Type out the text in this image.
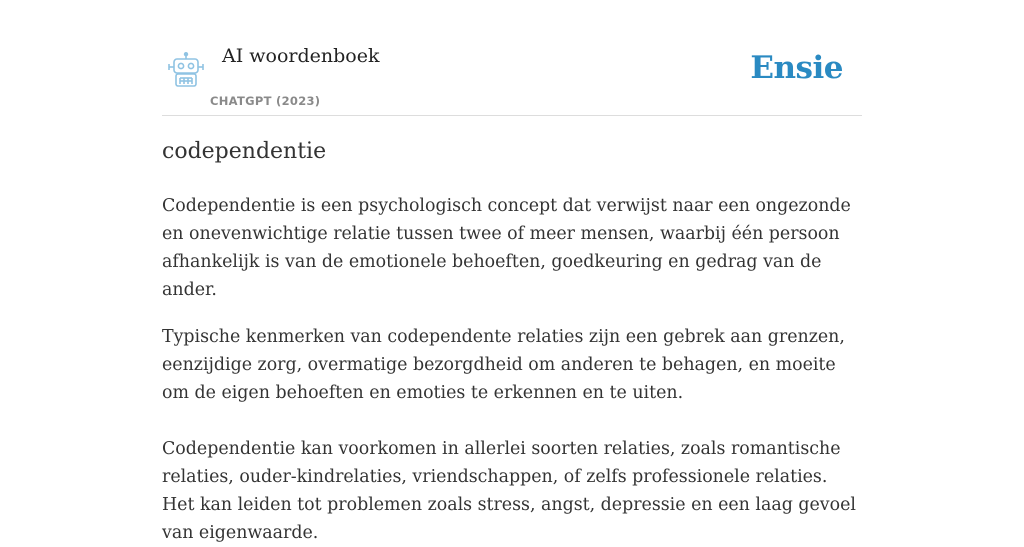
AI woordenboek
CHATGPT (2023)
Ensie
codependentie

Codependentie is een psychologisch concept dat verwijst naar een ongezonde en onevenwichtige relatie tussen twee of meer mensen, waarbij één persoon afhankelijk is van de emotionele behoeften, goedkeuring en gedrag van de ander.

Typische kenmerken van codependente relaties zijn een gebrek aan grenzen, eenzijdige zorg, overmatige bezorgdheid om anderen te behagen, en moeite om de eigen behoeften en emoties te erkennen en te uiten.

Codependentie kan voorkomen in allerlei soorten relaties, zoals romantische relaties, ouder-kindrelaties, vriendschappen, of zelfs professionele relaties. Het kan leiden tot problemen zoals stress, angst, depressie en een laag gevoel van eigenwaarde.
